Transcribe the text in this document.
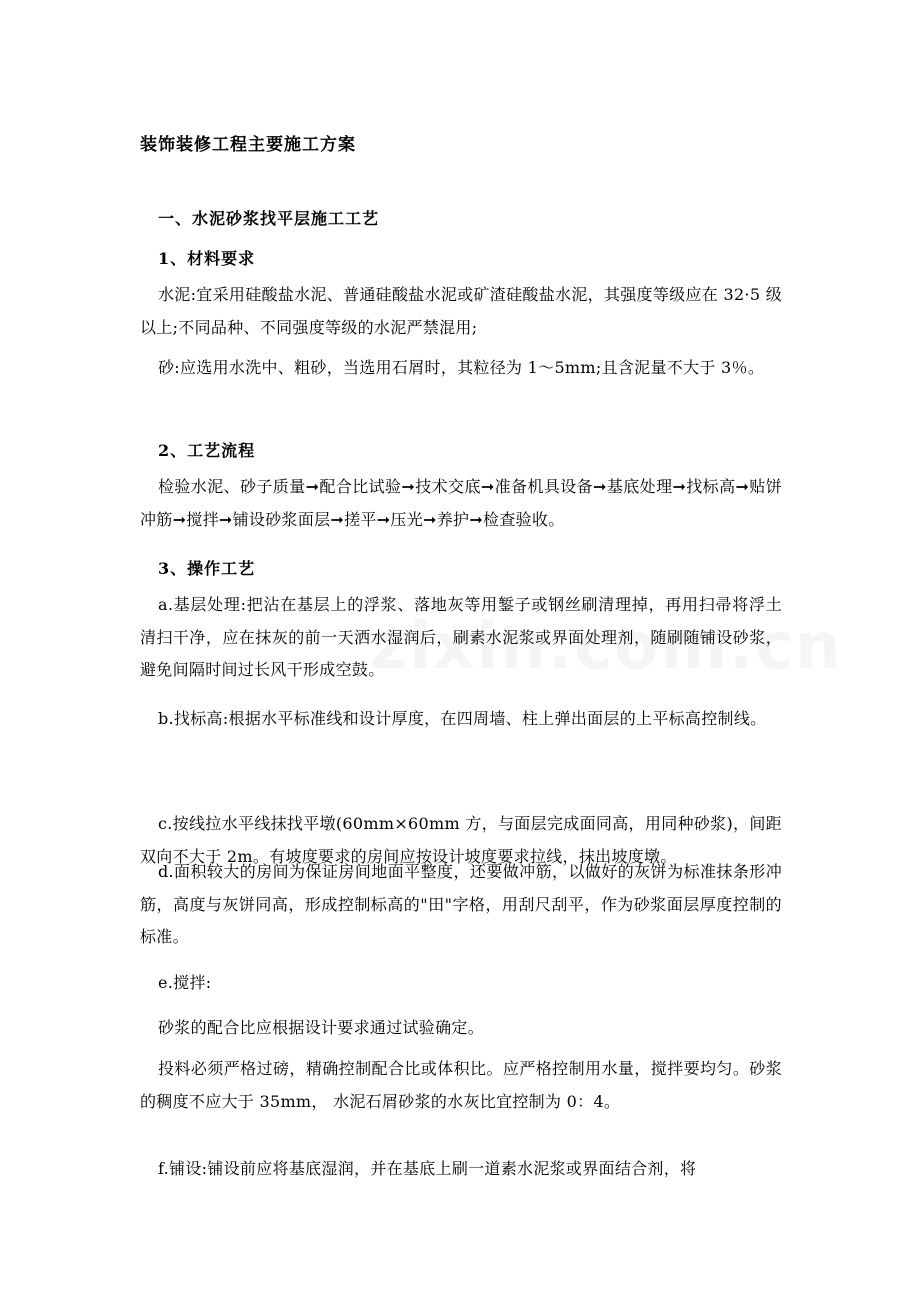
装饰装修工程主要施工方案
一、水泥砂浆找平层施工工艺
1、材料要求
水泥:宜采用硅酸盐水泥、普通硅酸盐水泥或矿渣硅酸盐水泥，其强度等级应在 32·5 级以上;不同品种、不同强度等级的水泥严禁混用;
砂:应选用水洗中、粗砂，当选用石屑时，其粒径为 1～5mm;且含泥量不大于 3％。
2、工艺流程
检验水泥、砂子质量➞配合比试验➞技术交底➞准备机具设备➞基底处理➞找标高➞贴饼冲筋➞搅拌➞铺设砂浆面层➞搓平➞压光➞养护➞检查验收。
3、操作工艺
a.基层处理:把沾在基层上的浮浆、落地灰等用錾子或钢丝刷清理掉，再用扫帚将浮土清扫干净，应在抹灰的前一天洒水湿润后，刷素水泥浆或界面处理剂，随刷随铺设砂浆，避免间隔时间过长风干形成空鼓。
b.找标高:根据水平标准线和设计厚度，在四周墙、柱上弹出面层的上平标高控制线。
c.按线拉水平线抹找平墩(60mm×60mm 方，与面层完成面同高，用同种砂浆)，间距双向不大于 2m。有坡度要求的房间应按设计坡度要求拉线，抹出坡度墩。
d.面积较大的房间为保证房间地面平整度，还要做冲筋，以做好的灰饼为标准抹条形冲筋，高度与灰饼同高，形成控制标高的"田"字格，用刮尺刮平，作为砂浆面层厚度控制的标准。
e.搅拌:
砂浆的配合比应根据设计要求通过试验确定。
投料必须严格过磅，精确控制配合比或体积比。应严格控制用水量，搅拌要均匀。砂浆的稠度不应大于 35mm， 水泥石屑砂浆的水灰比宜控制为 0：4。
f.铺设:铺设前应将基底湿润，并在基底上刷一道素水泥浆或界面结合剂，将
